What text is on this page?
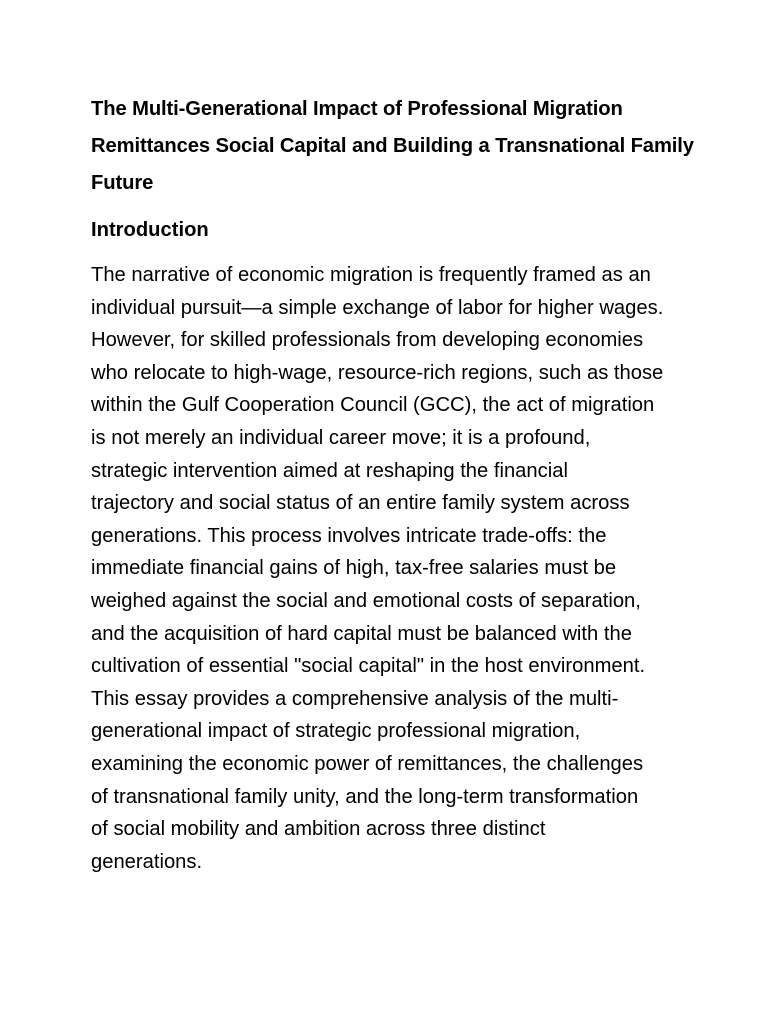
The Multi-Generational Impact of Professional Migration
Remittances Social Capital and Building a Transnational Family
Future
Introduction

The narrative of economic migration is frequently framed as an
individual pursuit—a simple exchange of labor for higher wages.
However, for skilled professionals from developing economies
who relocate to high-wage, resource-rich regions, such as those
within the Gulf Cooperation Council (GCC), the act of migration
is not merely an individual career move; it is a profound,
strategic intervention aimed at reshaping the financial
trajectory and social status of an entire family system across
generations. This process involves intricate trade-offs: the
immediate financial gains of high, tax-free salaries must be
weighed against the social and emotional costs of separation,
and the acquisition of hard capital must be balanced with the
cultivation of essential "social capital" in the host environment.
This essay provides a comprehensive analysis of the multi-
generational impact of strategic professional migration,
examining the economic power of remittances, the challenges
of transnational family unity, and the long-term transformation
of social mobility and ambition across three distinct
generations.
